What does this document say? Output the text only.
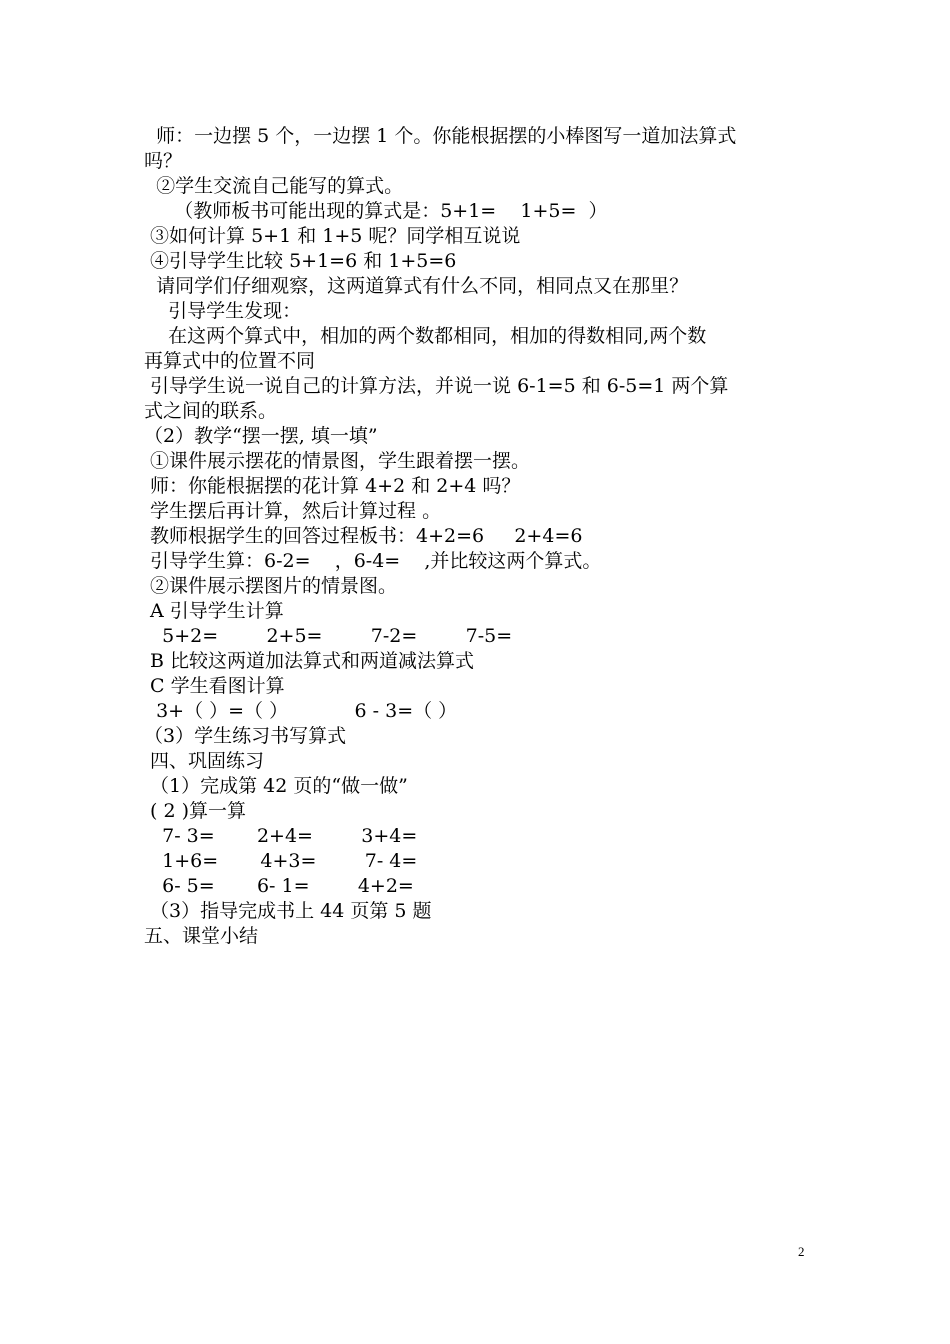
师：一边摆 5 个，一边摆 1 个。你能根据摆的小棒图写一道加法算式
吗？
②学生交流自己能写的算式。
（教师板书可能出现的算式是：5+1=    1+5=  ）
③如何计算 5+1 和 1+5 呢？同学相互说说
④引导学生比较 5+1=6 和 1+5=6
请同学们仔细观察，这两道算式有什么不同，相同点又在那里？
引导学生发现：
在这两个算式中，相加的两个数都相同，相加的得数相同,两个数
再算式中的位置不同
引导学生说一说自己的计算方法，并说一说 6-1=5 和 6-5=1 两个算
式之间的联系。
（2）教学“摆一摆, 填一填”
①课件展示摆花的情景图，学生跟着摆一摆。
师：你能根据摆的花计算 4+2 和 2+4 吗？
学生摆后再计算，然后计算过程 。
教师根据学生的回答过程板书：4+2=6     2+4=6
引导学生算：6-2=    ，6-4=    ,并比较这两个算式。
②课件展示摆图片的情景图。
A 引导学生计算
5+2=        2+5=        7-2=        7-5=
B 比较这两道加法算式和两道减法算式
C 学生看图计算
3+（ ）=（ ）           6 - 3=（ ）
（3）学生练习书写算式
四、巩固练习
（1）完成第 42 页的“做一做”
( 2 )算一算
7- 3=       2+4=        3+4=
1+6=       4+3=        7- 4=
6- 5=       6- 1=        4+2=
（3）指导完成书上 44 页第 5 题
五、课堂小结
2
